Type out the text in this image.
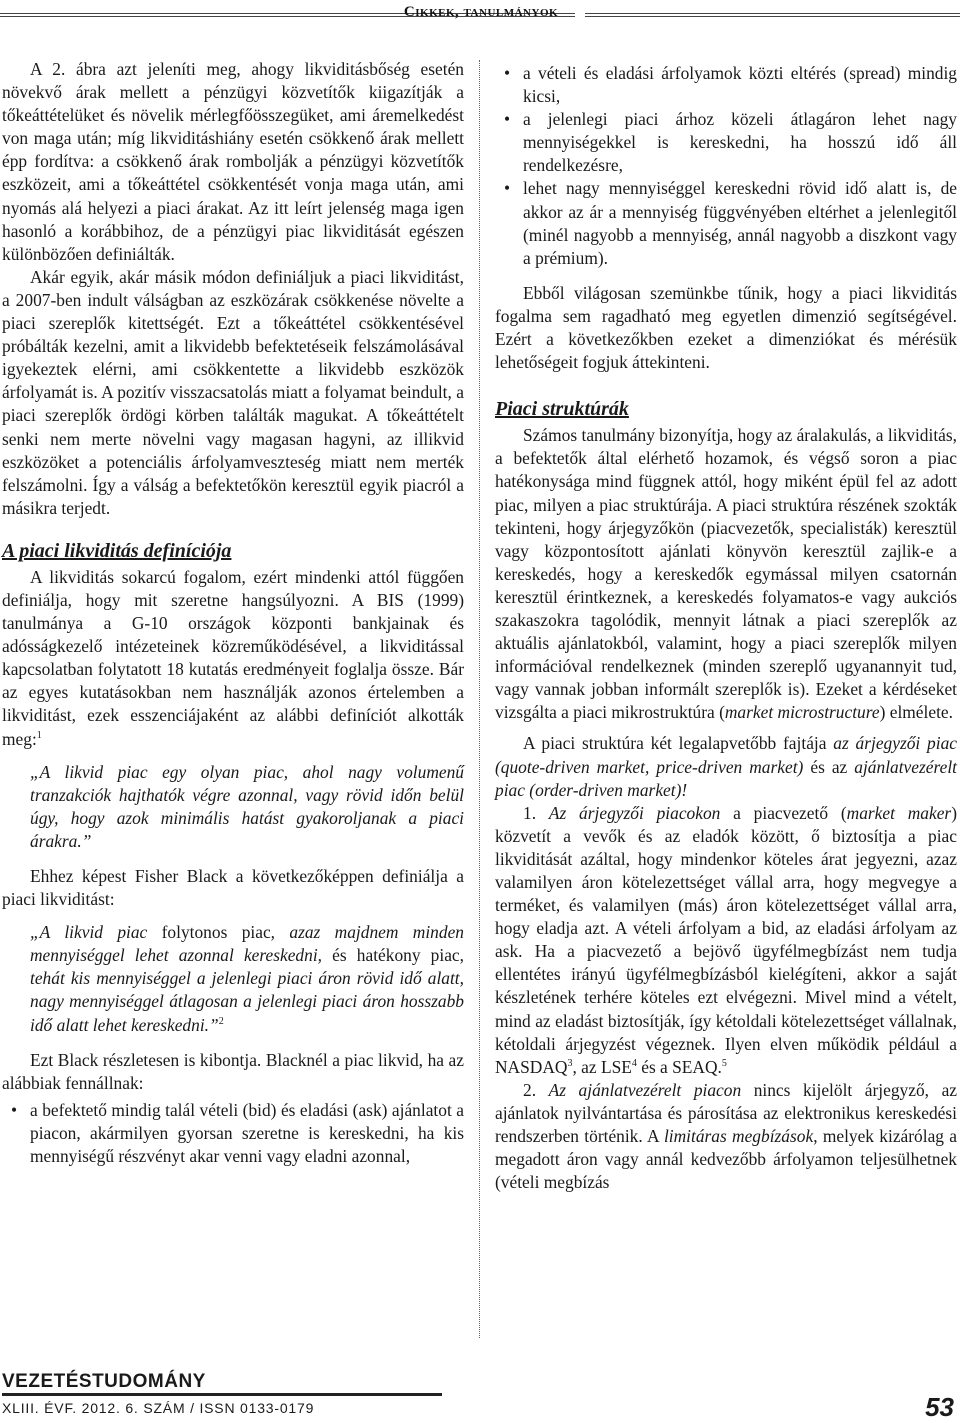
Cikkek, tanulmányok

A 2. ábra azt jeleníti meg, ahogy likviditásbőség esetén növekvő árak mellett a pénzügyi közvetítők kiigazítják a tőkeáttételüket és növelik mérlegfőösszegüket, ami áremelkedést von maga után; míg likviditáshiány esetén csökkenő árak mellett épp fordítva: a csökkenő árak rombolják a pénzügyi közvetítők eszközeit, ami a tőkeáttétel csökkentését vonja maga után, ami nyomás alá helyezi a piaci árakat. Az itt leírt jelenség maga igen hasonló a korábbihoz, de a pénzügyi piac likviditását egészen különbözően definiálták.

Akár egyik, akár másik módon definiáljuk a piaci likviditást, a 2007-ben indult válságban az eszközárak csökkenése növelte a piaci szereplők kitettségét. Ezt a tőkeáttétel csökkentésével próbálták kezelni, amit a likvidebb befektetéseik felszámolásával igyekeztek elérni, ami csökkentette a likvidebb eszközök árfolyamát is. A pozitív visszacsatolás miatt a folyamat beindult, a piaci szereplők ördögi körben találták magukat. A tőkeáttételt senki nem merte növelni vagy magasan hagyni, az illikvid eszközöket a potenciális árfolyamveszteség miatt nem merték felszámolni. Így a válság a befektetőkön keresztül egyik piacról a másikra terjedt.

A piaci likviditás definíciója

A likviditás sokarcú fogalom, ezért mindenki attól függően definiálja, hogy mit szeretne hangsúlyozni. A BIS (1999) tanulmánya a G-10 országok központi bankjainak és adósságkezelő intézeteinek közreműködésével, a likviditással kapcsolatban folytatott 18 kutatás eredményeit foglalja össze. Bár az egyes kutatásokban nem használják azonos értelemben a likviditást, ezek esszenciájaként az alábbi definíciót alkották meg:$^1$

„A likvid piac egy olyan piac, ahol nagy volumenű tranzakciók hajthatók végre azonnal, vagy rövid időn belül úgy, hogy azok minimális hatást gyakoroljanak a piaci árakra.”

Ehhez képest Fisher Black a következőképpen definiálja a piaci likviditást:

„A likvid piac folytonos piac, azaz majdnem minden mennyiséggel lehet azonnal kereskedni, és hatékony piac, tehát kis mennyiséggel a jelenlegi piaci áron rövid idő alatt, nagy mennyiséggel átlagosan a jelenlegi piaci áron hosszabb idő alatt lehet kereskedni.”$^2$

Ezt Black részletesen is kibontja. Blacknél a piac likvid, ha az alábbiak fennállnak:

• a befektető mindig talál vételi (bid) és eladási (ask) ajánlatot a piacon, akármilyen gyorsan szeretne is kereskedni, ha kis mennyiségű részvényt akar venni vagy eladni azonnal,
• a vételi és eladási árfolyamok közti eltérés (spread) mindig kicsi,
• a jelenlegi piaci árhoz közeli átlagáron lehet nagy mennyiségekkel is kereskedni, ha hosszú idő áll rendelkezésre,
• lehet nagy mennyiséggel kereskedni rövid idő alatt is, de akkor az ár a mennyiség függvényében eltérhet a jelenlegitől (minél nagyobb a mennyiség, annál nagyobb a diszkont vagy a prémium).

Ebből világosan szemünkbe tűnik, hogy a piaci likviditás fogalma sem ragadható meg egyetlen dimenzió segítségével. Ezért a következőkben ezeket a dimenziókat és mérésük lehetőségeit fogjuk áttekinteni.

Piaci struktúrák

Számos tanulmány bizonyítja, hogy az áralakulás, a likviditás, a befektetők által elérhető hozamok, és végső soron a piac hatékonysága mind függnek attól, hogy miként épül fel az adott piac, milyen a piac struktúrája. A piaci struktúra részének szokták tekinteni, hogy árjegyzőkön (piacvezetők, specialisták) keresztül vagy központosított ajánlati könyvön keresztül zajlik-e a kereskedés, hogy a kereskedők egymással milyen csatornán keresztül érintkeznek, a kereskedés folyamatos-e vagy aukciós szakaszokra tagolódik, mennyit látnak a piaci szereplők az aktuális ajánlatokból, valamint, hogy a piaci szereplők milyen információval rendelkeznek (minden szereplő ugyanannyit tud, vagy vannak jobban informált szereplők is). Ezeket a kérdéseket vizsgálta a piaci mikrostruktúra (market microstructure) elmélete.

A piaci struktúra két legalapvetőbb fajtája az árjegyzői piac (quote-driven market, price-driven market) és az ajánlatvezérelt piac (order-driven market)!

1. Az árjegyzői piacokon a piacvezető (market maker) közvetít a vevők és az eladók között, ő biztosítja a piac likviditását azáltal, hogy mindenkor köteles árat jegyezni, azaz valamilyen áron kötelezettséget vállal arra, hogy megvegye a terméket, és valamilyen (más) áron kötelezettséget vállal arra, hogy eladja azt. A vételi árfolyam a bid, az eladási árfolyam az ask. Ha a piacvezető a bejövő ügyfélmegbízást nem tudja ellentétes irányú ügyfélmegbízásból kielégíteni, akkor a saját készletének terhére köteles ezt elvégezni. Mivel mind a vételt, mind az eladást biztosítják, így kétoldali kötelezettséget vállalnak, kétoldali árjegyzést végeznek. Ilyen elven működik például a NASDAQ$^3$, az LSE$^4$ és a SEAQ.$^5$

2. Az ajánlatvezérelt piacon nincs kijelölt árjegyző, az ajánlatok nyilvántartása és párosítása az elektronikus kereskedési rendszerben történik. A limitáras megbízások, melyek kizárólag a megadott áron vagy annál kedvezőbb árfolyamon teljesülhetnek (vételi megbízás

VEZETÉSTUDOMÁNY
XLIII. ÉVF. 2012. 6. SZÁM / ISSN 0133-0179	53
